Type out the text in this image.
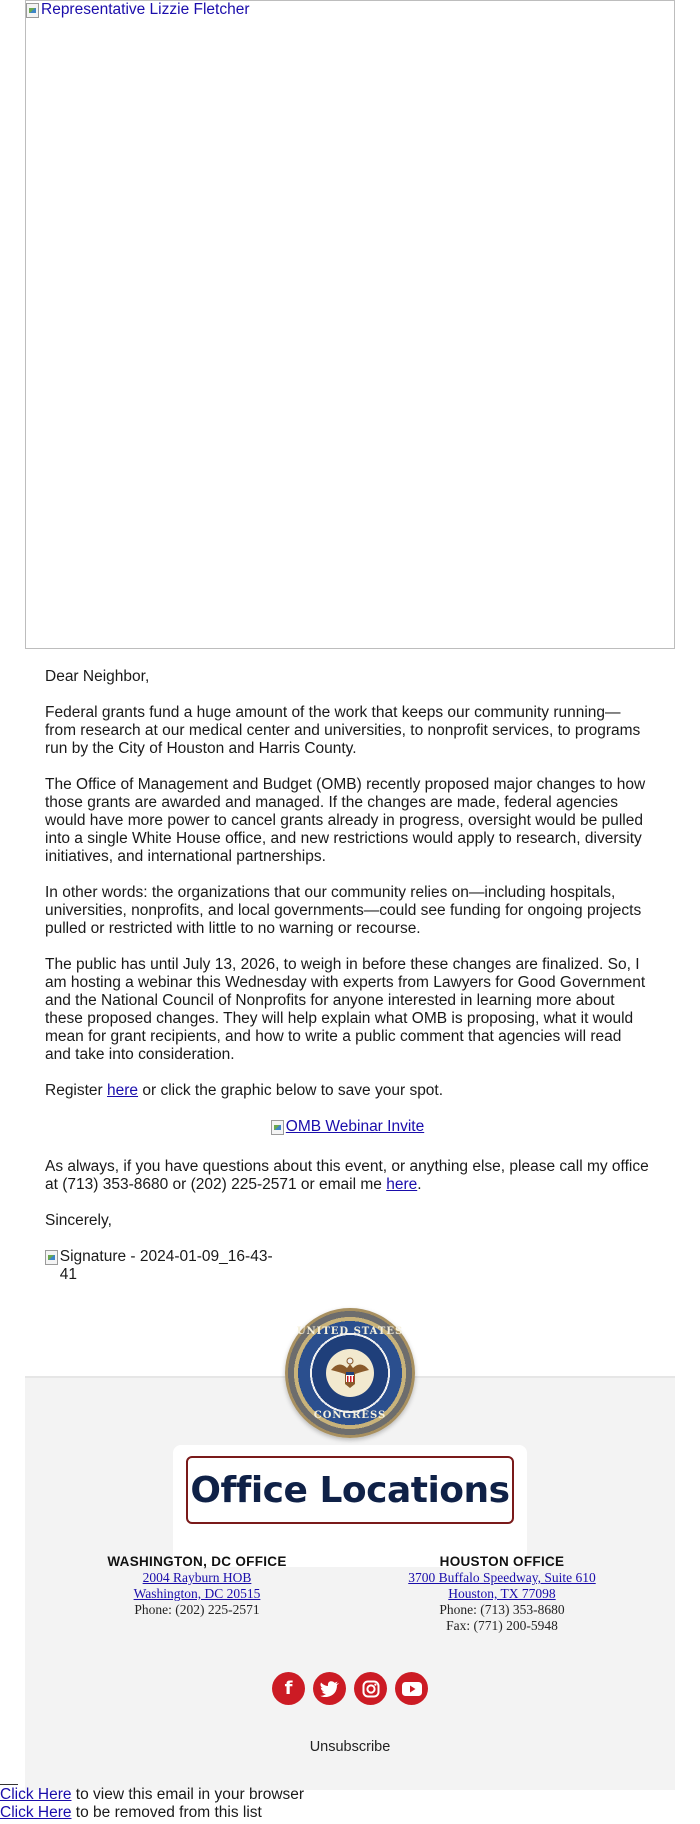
Representative Lizzie Fletcher

Dear Neighbor,

Federal grants fund a huge amount of the work that keeps our community running—from research at our medical center and universities, to nonprofit services, to programs run by the City of Houston and Harris County.

The Office of Management and Budget (OMB) recently proposed major changes to how those grants are awarded and managed. If the changes are made, federal agencies would have more power to cancel grants already in progress, oversight would be pulled into a single White House office, and new restrictions would apply to research, diversity initiatives, and international partnerships.

In other words: the organizations that our community relies on—including hospitals, universities, nonprofits, and local governments—could see funding for ongoing projects pulled or restricted with little to no warning or recourse.

The public has until July 13, 2026, to weigh in before these changes are finalized. So, I am hosting a webinar this Wednesday with experts from Lawyers for Good Government and the National Council of Nonprofits for anyone interested in learning more about these proposed changes. They will help explain what OMB is proposing, what it would mean for grant recipients, and how to write a public comment that agencies will read and take into consideration.

Register here or click the graphic below to save your spot.

OMB Webinar Invite

As always, if you have questions about this event, or anything else, please call my office at (713) 353-8680 or (202) 225-2571 or email me here.

Sincerely,

Signature - 2024-01-09_16-43-41
UNITED STATES
CONGRESS
Office Locations
WASHINGTON, DC OFFICE
2004 Rayburn HOB
Washington, DC 20515
Phone: (202) 225-2571
HOUSTON OFFICE
3700 Buffalo Speedway, Suite 610
Houston, TX 77098
Phone: (713) 353-8680
Fax: (771) 200-5948
f
Unsubscribe
Click Here to view this email in your browser
Click Here to be removed from this list
